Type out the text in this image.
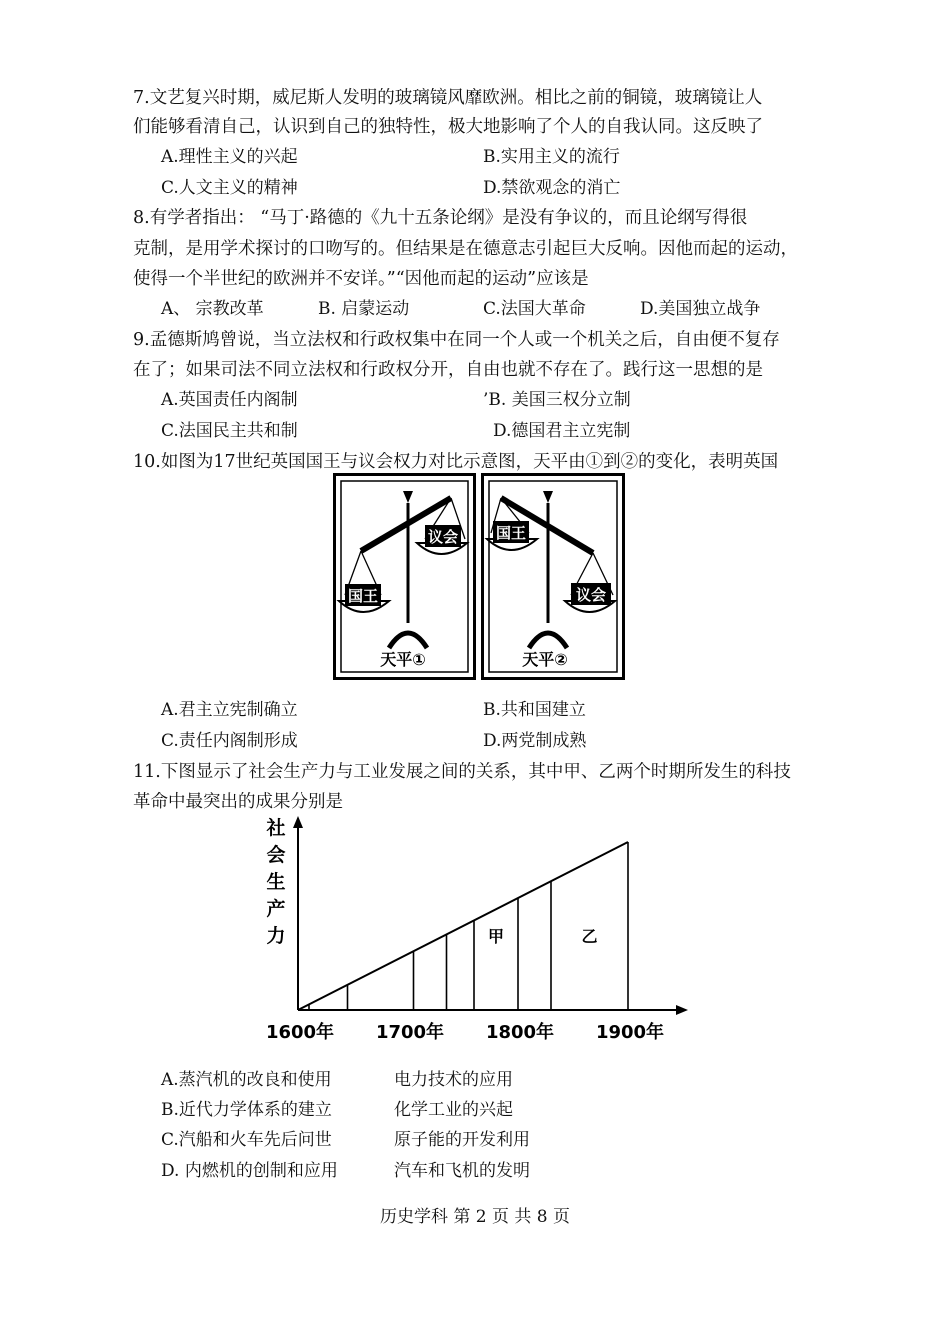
7.文艺复兴时期，威尼斯人发明的玻璃镜风靡欧洲。相比之前的铜镜，玻璃镜让人
们能够看清自己，认识到自己的独特性，极大地影响了个人的自我认同。这反映了
A.理性主义的兴起	B.实用主义的流行
C.人文主义的精神	D.禁欲观念的消亡
8.有学者指出： “马丁·路德的《九十五条论纲》是没有争议的，而且论纲写得很
克制，是用学术探讨的口吻写的。但结果是在德意志引起巨大反响。因他而起的运动，
使得一个半世纪的欧洲并不安详。”“因他而起的运动”应该是
A、 宗教改革	B. 启蒙运动	C.法国大革命	D.美国独立战争
9.孟德斯鸠曾说，当立法权和行政权集中在同一个人或一个机关之后，自由便不复存
在了；如果司法不同立法权和行政权分开，自由也就不存在了。践行这一思想的是
A.英国责任内阁制	’B. 美国三权分立制
C.法国民主共和制	D.德国君主立宪制
10.如图为17世纪英国国王与议会权力对比示意图，天平由①到②的变化，表明英国
国王
议会
天平①
国王
议会
天平②
A.君主立宪制确立	B.共和国建立
C.责任内阁制形成	D.两党制成熟
11.下图显示了社会生产力与工业发展之间的关系，其中甲、乙两个时期所发生的科技
革命中最突出的成果分别是
甲	乙
社
会
生
产
力
1600年 1700年 1800年 1900年
A.蒸汽机的改良和使用	电力技术的应用
B.近代力学体系的建立	化学工业的兴起
C.汽船和火车先后问世	原子能的开发利用
D. 内燃机的创制和应用	汽车和飞机的发明
历史学科 第 2 页 共 8 页
